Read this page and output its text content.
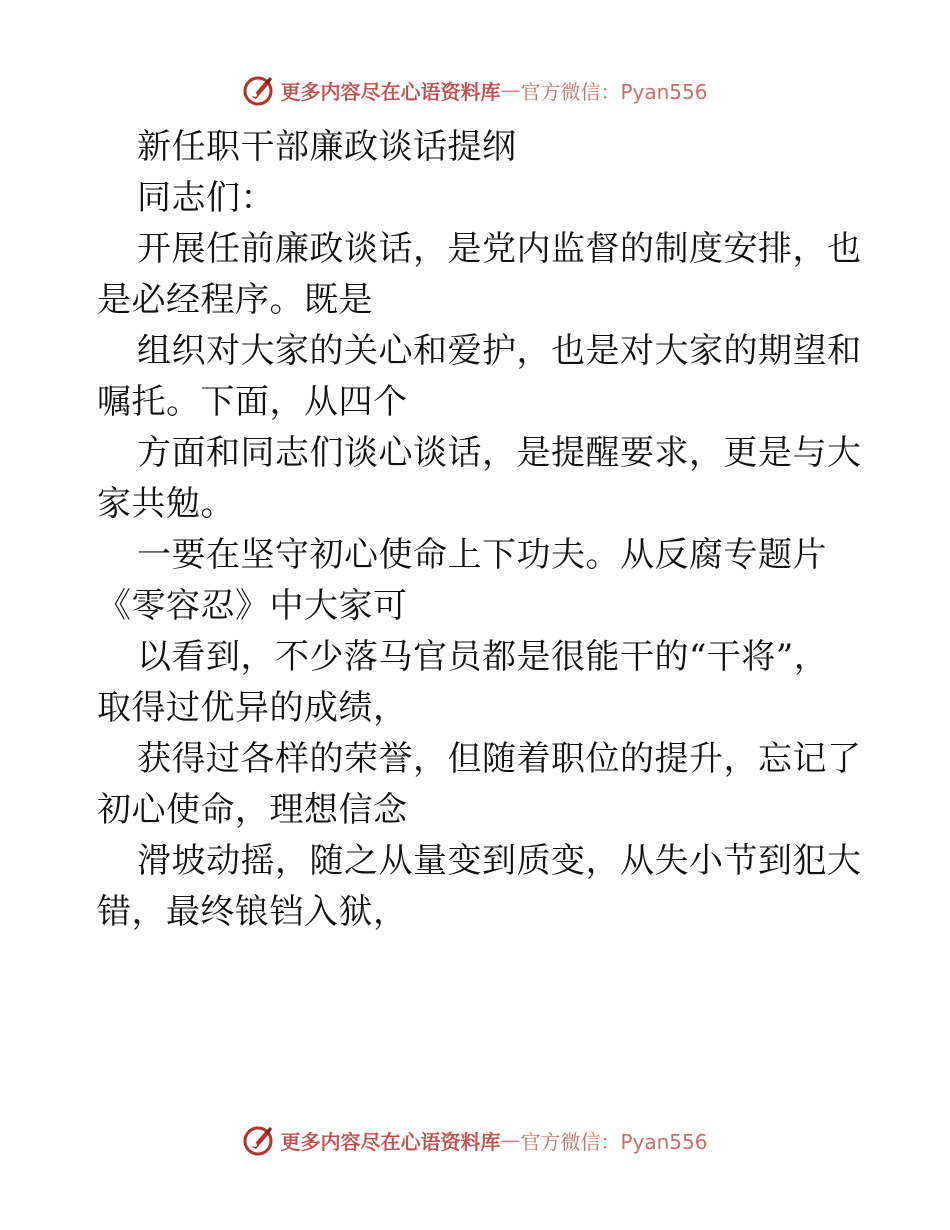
更多内容尽在心语资料库 — 官方微信：Pyan556
新任职干部廉政谈话提纲
同志们：
开展任前廉政谈话，是党内监督的制度安排，也
是必经程序。既是
组织对大家的关心和爱护，也是对大家的期望和
嘱托。下面，从四个
方面和同志们谈心谈话，是提醒要求，更是与大
家共勉。
一要在坚守初心使命上下功夫。从反腐专题片
《零容忍》中大家可
以看到，不少落马官员都是很能干的“干将”，
取得过优异的成绩，
获得过各样的荣誉，但随着职位的提升，忘记了
初心使命，理想信念
滑坡动摇，随之从量变到质变，从失小节到犯大
错，最终锒铛入狱，
更多内容尽在心语资料库 — 官方微信：Pyan556
